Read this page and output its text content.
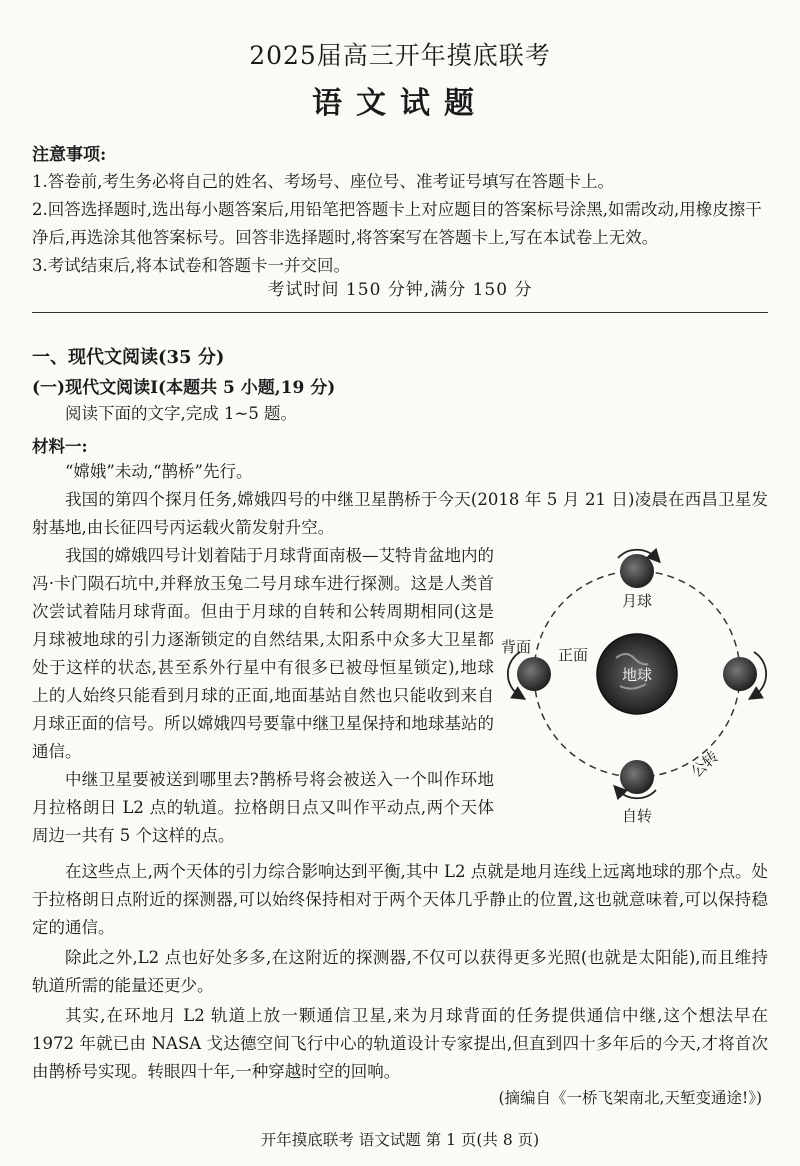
2025届高三开年摸底联考
语文试题
注意事项:
1.答卷前,考生务必将自己的姓名、考场号、座位号、准考证号填写在答题卡上。
2.回答选择题时,选出每小题答案后,用铅笔把答题卡上对应题目的答案标号涂黑,如需改动,用橡皮擦干净后,再选涂其他答案标号。回答非选择题时,将答案写在答题卡上,写在本试卷上无效。
3.考试结束后,将本试卷和答题卡一并交回。
考试时间 150 分钟,满分 150 分
一、现代文阅读(35 分)
(一)现代文阅读Ⅰ(本题共 5 小题,19 分)
阅读下面的文字,完成 1~5 题。
材料一:
“嫦娥”未动,“鹊桥”先行。
我国的第四个探月任务,嫦娥四号的中继卫星鹊桥于今天(2018 年 5 月 21 日)凌晨在西昌卫星发射基地,由长征四号丙运载火箭发射升空。
我国的嫦娥四号计划着陆于月球背面南极—艾特肯盆地内的冯·卡门陨石坑中,并释放玉兔二号月球车进行探测。这是人类首次尝试着陆月球背面。但由于月球的自转和公转周期相同(这是月球被地球的引力逐渐锁定的自然结果,太阳系中众多大卫星都处于这样的状态,甚至系外行星中有很多已被母恒星锁定),地球上的人始终只能看到月球的正面,地面基站自然也只能收到来自月球正面的信号。所以嫦娥四号要靠中继卫星保持和地球基站的通信。
中继卫星要被送到哪里去?鹊桥号将会被送入一个叫作环地月拉格朗日 L2 点的轨道。拉格朗日点又叫作平动点,两个天体周边一共有 5 个这样的点。
在这些点上,两个天体的引力综合影响达到平衡,其中 L2 点就是地月连线上远离地球的那个点。处于拉格朗日点附近的探测器,可以始终保持相对于两个天体几乎静止的位置,这也就意味着,可以保持稳定的通信。
除此之外,L2 点也好处多多,在这附近的探测器,不仅可以获得更多光照(也就是太阳能),而且维持轨道所需的能量还更少。
其实,在环地月 L2 轨道上放一颗通信卫星,来为月球背面的任务提供通信中继,这个想法早在 1972 年就已由 NASA 戈达德空间飞行中心的轨道设计专家提出,但直到四十多年后的今天,才将首次由鹊桥号实现。转眼四十年,一种穿越时空的回响。
(摘编自《一桥飞架南北,天堑变通途!》)
地球
月球
背面 正面
自转
公转
开年摸底联考 语文试题 第 1 页(共 8 页)
